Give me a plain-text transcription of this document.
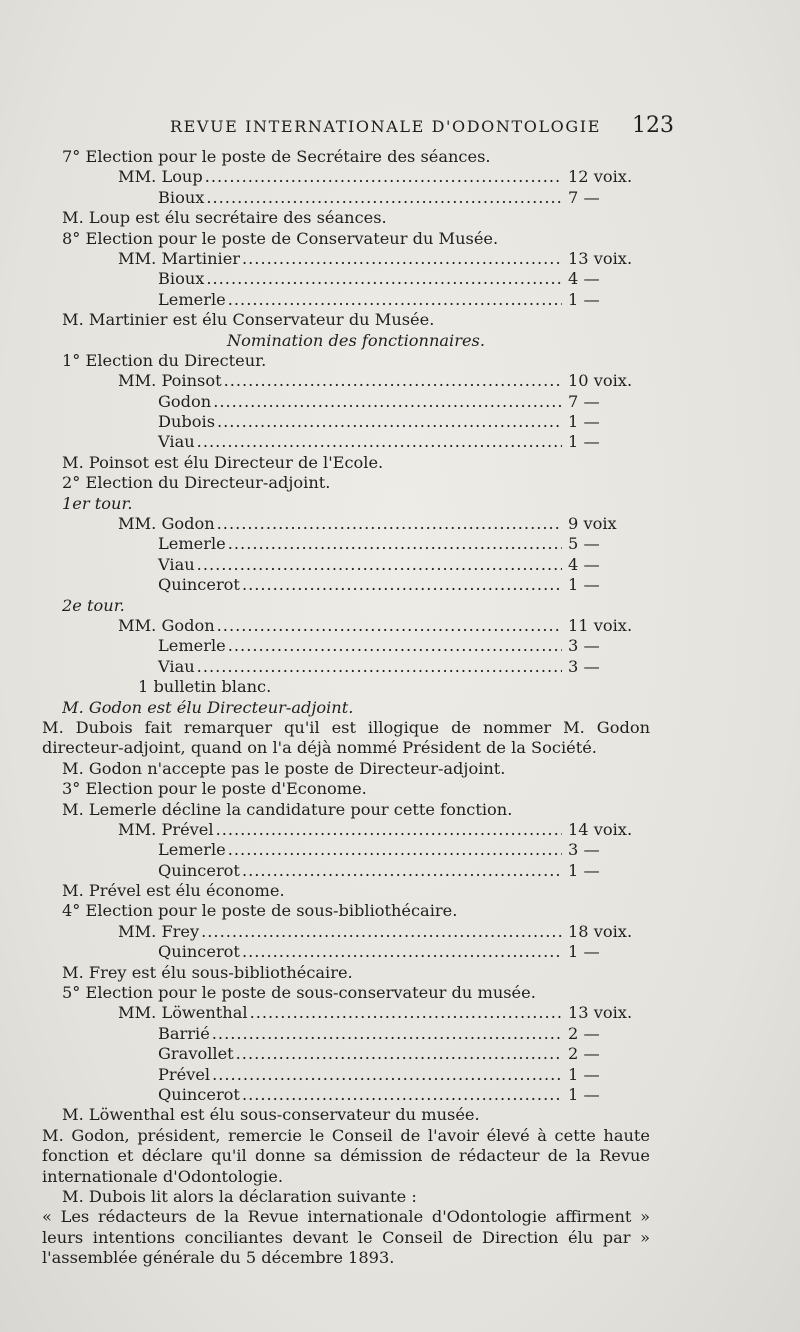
REVUE INTERNATIONALE D'ODONTOLOGIE 123
7° Election pour le poste de Secrétaire des séances.
MM. Loup .....	12 voix.
Bioux .....	7 —
M. Loup est élu secrétaire des séances.
8° Election pour le poste de Conservateur du Musée.
MM. Martinier .....	13 voix.
Bioux .....	4 —
Lemerle .....	1 —
M. Martinier est élu Conservateur du Musée.
Nomination des fonctionnaires.
1° Election du Directeur.
MM. Poinsot .....	10 voix.
Godon .....	7 —
Dubois .....	1 —
Viau .....	1 —
M. Poinsot est élu Directeur de l'Ecole.
2° Election du Directeur-adjoint.
1er tour.
MM. Godon .....	9 voix
Lemerle .....	5 —
Viau .....	4 —
Quincerot .....	1 —
2e tour.
MM. Godon .....	11 voix.
Lemerle .....	3 —
Viau .....	3 —
1 bulletin blanc.
M. Godon est élu Directeur-adjoint.
M. Dubois fait remarquer qu'il est illogique de nommer M. Godon directeur-adjoint, quand on l'a déjà nommé Président de la Société.
M. Godon n'accepte pas le poste de Directeur-adjoint.
3° Election pour le poste d'Econome.
M. Lemerle décline la candidature pour cette fonction.
MM. Prével .....	14 voix.
Lemerle .....	3 —
Quincerot .....	1 —
M. Prével est élu économe.
4° Election pour le poste de sous-bibliothécaire.
MM. Frey .....	18 voix.
Quincerot .....	1 —
M. Frey est élu sous-bibliothécaire.
5° Election pour le poste de sous-conservateur du musée.
MM. Löwenthal .....	13 voix.
Barrié .....	2 —
Gravollet .....	2 —
Prével .....	1 —
Quincerot .....	1 —
M. Löwenthal est élu sous-conservateur du musée.
M. Godon, président, remercie le Conseil de l'avoir élevé à cette haute fonction et déclare qu'il donne sa démission de rédacteur de la Revue internationale d'Odontologie.
M. Dubois lit alors la déclaration suivante :
« Les rédacteurs de la Revue internationale d'Odontologie affirment » leurs intentions conciliantes devant le Conseil de Direction élu par » l'assemblée générale du 5 décembre 1893.
